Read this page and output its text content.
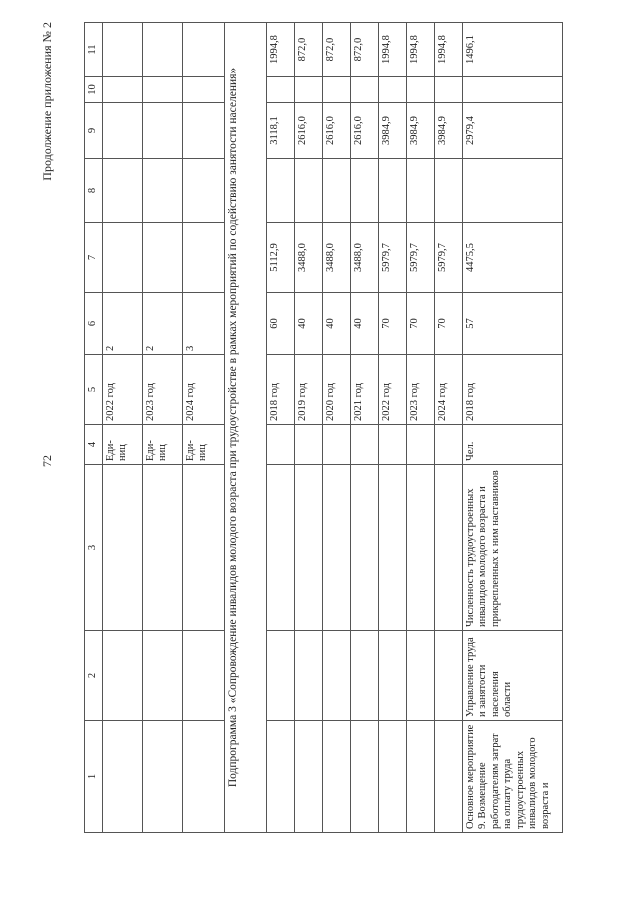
72
Продолжение приложения № 2
1	2	3	4	5	6	7	8	9	10	11
			Еди- ниц	2022 год	2					
			Еди- ниц	2023 год	2					
			Еди- ниц	2024 год	3					
Подпрограмма 3 «Сопровождение инвалидов молодого возраста при трудоустройстве в рамках мероприятий по содействию занятости населения»										
				2018 год	60	5112,9		3118,1		1994,8
				2019 год	40	3488,0		2616,0		872,0
				2020 год	40	3488,0		2616,0		872,0
				2021 год	40	3488,0		2616,0		872,0
				2022 год	70	5979,7		3984,9		1994,8
				2023 год	70	5979,7		3984,9		1994,8
				2024 год	70	5979,7		3984,9		1994,8
Основное мероприятие 9. Возмещение работодателям затрат на оплату труда трудоустроенных инвалидов молодого возраста и	Управление труда и занятости населения области	Численность трудоустроенных инвалидов молодого возраста и прикрепленных к ним наставников	Чел.	2018 год	57	4475,5		2979,4		1496,1
